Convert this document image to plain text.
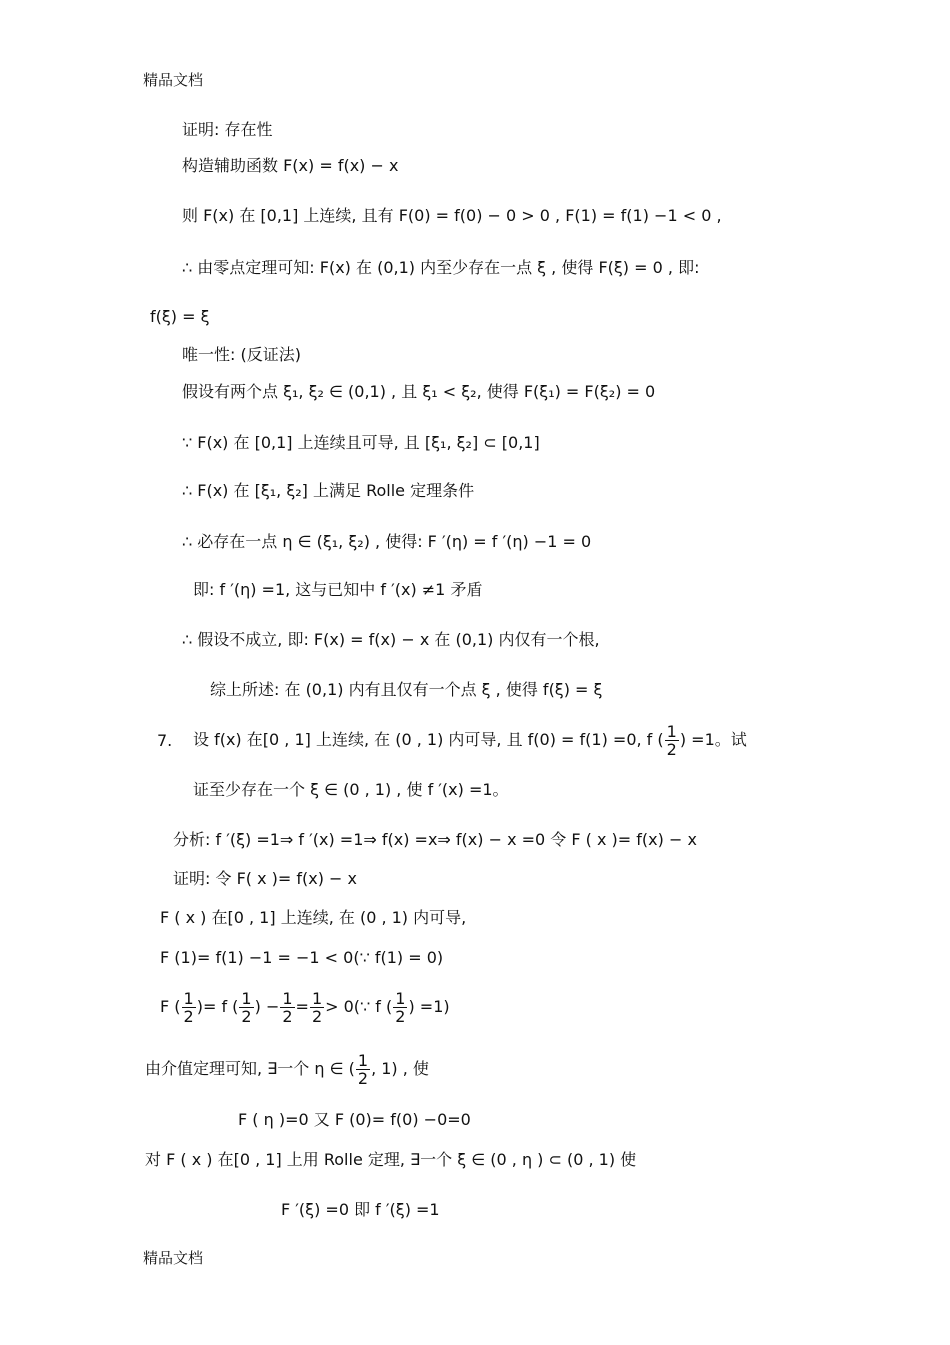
精品文档
证明: 存在性
构造辅助函数 F(x) = f(x) − x
则 F(x) 在 [0,1] 上连续, 且有 F(0) = f(0) − 0 > 0 , F(1) = f(1) −1 < 0 ,
∴ 由零点定理可知: F(x) 在 (0,1) 内至少存在一点 ξ , 使得 F(ξ) = 0 , 即:
f(ξ) = ξ
唯一性: (反证法)
假设有两个点 ξ₁, ξ₂ ∈ (0,1) , 且 ξ₁ < ξ₂, 使得 F(ξ₁) = F(ξ₂) = 0
∵ F(x) 在 [0,1] 上连续且可导, 且 [ξ₁, ξ₂] ⊂ [0,1]
∴ F(x) 在 [ξ₁, ξ₂] 上满足 Rolle 定理条件
∴ 必存在一点 η ∈ (ξ₁, ξ₂) , 使得: F ′(η) = f ′(η) −1 = 0
即: f ′(η) =1, 这与已知中 f ′(x) ≠1 矛盾
∴ 假设不成立, 即: F(x) = f(x) − x 在 (0,1) 内仅有一个根,
综上所述: 在 (0,1) 内有且仅有一个点 ξ , 使得 f(ξ) = ξ
7. 设 f(x) 在[0 , 1] 上连续, 在 (0 , 1) 内可导, 且 f(0) = f(1) =0, f ( $\frac{1}{2}$ ) =1。试
证至少存在一个 ξ ∈ (0 , 1) , 使 f ′(x) =1。
分析: f ′(ξ) =1⇒ f ′(x) =1⇒ f(x) =x⇒ f(x) − x =0 令 F ( x )= f(x) − x
证明: 令 F( x )= f(x) − x
F ( x ) 在[0 , 1] 上连续, 在 (0 , 1) 内可导,
F (1)= f(1) −1 = −1 < 0(∵ f(1) = 0)
F ( $\frac{1}{2}$ )= f ( $\frac{1}{2}$ ) − $\frac{1}{2} = \frac{1}{2}$ > 0(∵ f ( $\frac{1}{2}$ ) =1)
由介值定理可知, ∃一个 η ∈ ( $\frac{1}{2}$ , 1) , 使
F ( η )=0 又 F (0)= f(0) −0=0
对 F ( x ) 在[0 , 1] 上用 Rolle 定理, ∃一个 ξ ∈ (0 , η ) ⊂ (0 , 1) 使
F ′(ξ) =0 即 f ′(ξ) =1
精品文档
